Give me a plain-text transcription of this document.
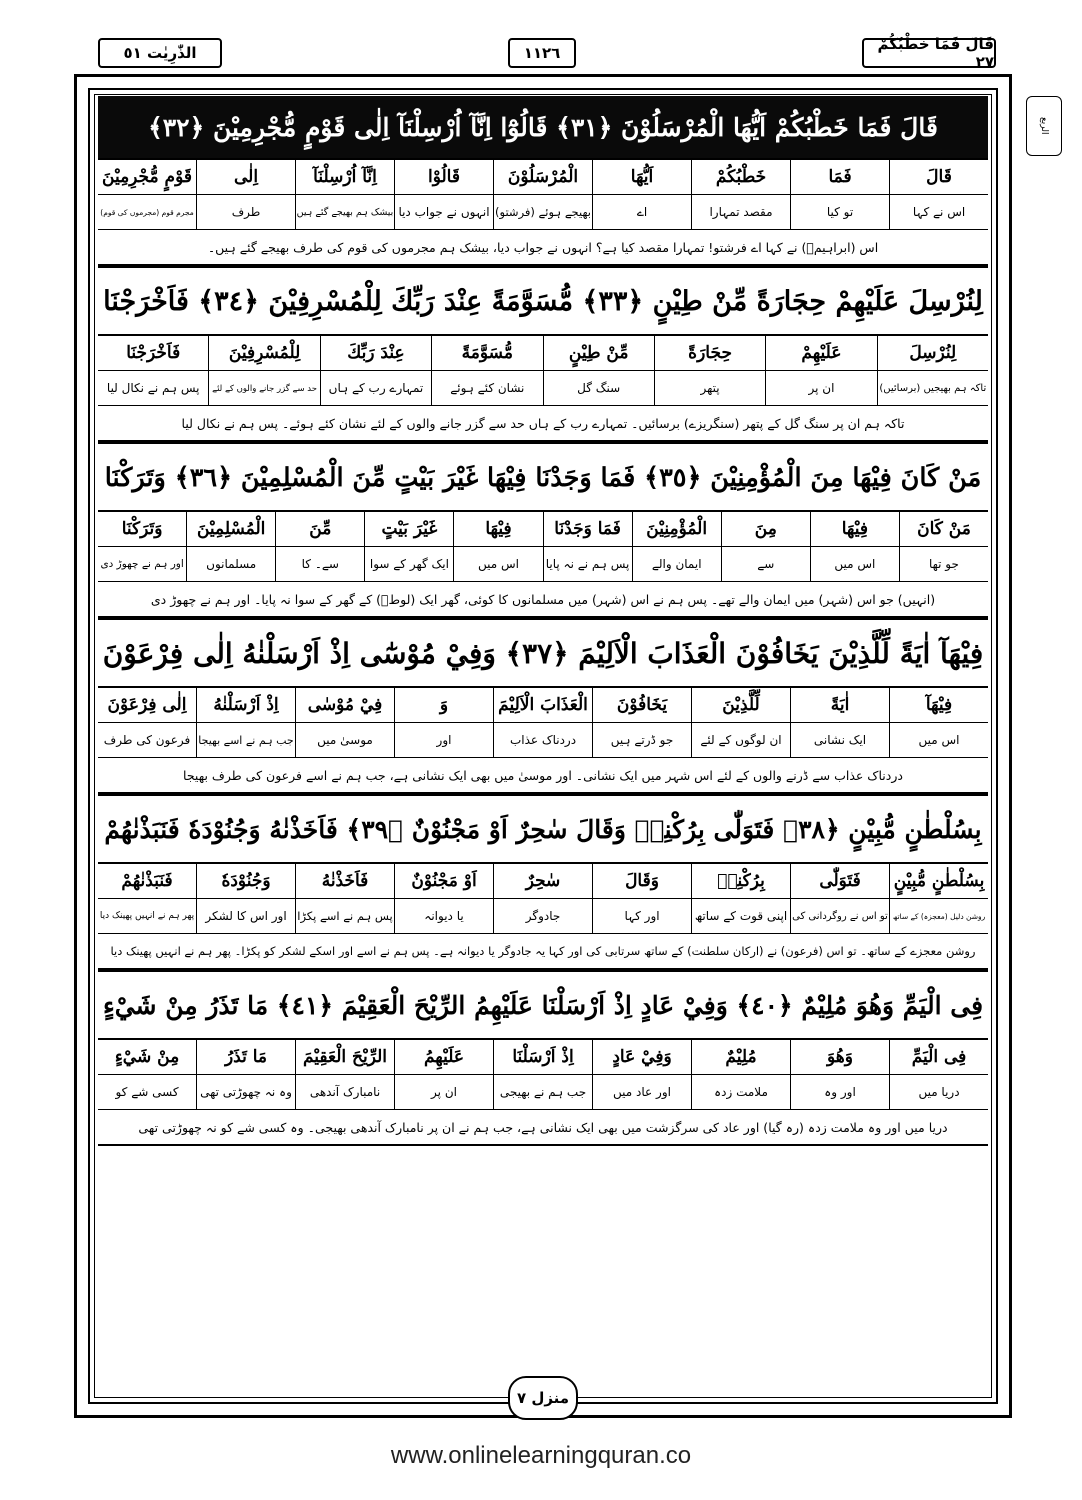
الذّٰرِيٰت ٥١	١١٢٦	قَالَ فَمَا خَطْبُكُمْ ٢٧
الربع
قَالَ فَمَا خَطْبُكُمْ اَيُّهَا الْمُرْسَلُوْنَ ﴿٣١﴾ قَالُوْٓا اِنَّآ اُرْسِلْنَآ اِلٰى قَوْمٍ مُّجْرِمِيْنَ ﴿٣٢﴾
قَالَ
فَمَا
خَطْبُكُمْ
اَيُّهَا
الْمُرْسَلُوْنَ
قَالُوْا
اِنَّآ اُرْسِلْنَآ
اِلٰى
قَوْمٍ مُّجْرِمِيْنَ
اس نے کہا
تو کیا
مقصد تمہارا
اے
بھیجے ہوئے (فرشتو)
انہوں نے جواب دیا
بیشک ہم بھیجے گئے ہیں
طرف
مجرم قوم (مجرموں کی قوم)
اس (ابراہیمؑ) نے کہا اے فرشتو! تمہارا مقصد کیا ہے؟ انہوں نے جواب دیا، بیشک ہم مجرموں کی قوم کی طرف بھیجے گئے ہیں۔
لِنُرْسِلَ عَلَيْهِمْ حِجَارَةً مِّنْ طِيْنٍ ﴿٣٣﴾ مُّسَوَّمَةً عِنْدَ رَبِّكَ لِلْمُسْرِفِيْنَ ﴿٣٤﴾ فَاَخْرَجْنَا
لِنُرْسِلَ
عَلَيْهِمْ
حِجَارَةً
مِّنْ طِيْنٍ
مُّسَوَّمَةً
عِنْدَ رَبِّكَ
لِلْمُسْرِفِيْنَ
فَاَخْرَجْنَا
تاکہ ہم بھیجیں (برسائیں)
ان پر
پتھر
سنگ گل
نشان کئے ہوئے
تمہارے رب کے ہاں
حد سے گزر جانے والوں کے لئے
پس ہم نے نکال لیا
تاکہ ہم ان پر سنگ گل کے پتھر (سنگریزے) برسائیں۔ تمہارے رب کے ہاں حد سے گزر جانے والوں کے لئے نشان کئے ہوئے۔ پس ہم نے نکال لیا
مَنْ كَانَ فِيْهَا مِنَ الْمُؤْمِنِيْنَ ﴿٣٥﴾ فَمَا وَجَدْنَا فِيْهَا غَيْرَ بَيْتٍ مِّنَ الْمُسْلِمِيْنَ ﴿٣٦﴾ وَتَرَكْنَا
مَنْ كَانَ
فِيْهَا
مِنَ
الْمُؤْمِنِيْنَ
فَمَا وَجَدْنَا
فِيْهَا
غَيْرَ بَيْتٍ
مِّنَ
الْمُسْلِمِيْنَ
وَتَرَكْنَا
جو تھا
اس میں
سے
ایمان والے
پس ہم نے نہ پایا
اس میں
ایک گھر کے سوا
سے۔ کا
مسلمانوں
اور ہم نے چھوڑ دی
(انہیں) جو اس (شہر) میں ایمان والے تھے۔ پس ہم نے اس (شہر) میں مسلمانوں کا کوئی، گھر ایک (لوطؑ) کے گھر کے سوا نہ پایا۔ اور ہم نے چھوڑ دی
فِيْهَآ اٰيَةً لِّلَّذِيْنَ يَخَافُوْنَ الْعَذَابَ الْاَلِيْمَ ﴿٣٧﴾ وَفِيْ مُوْسٰٓى اِذْ اَرْسَلْنٰهُ اِلٰى فِرْعَوْنَ
فِيْهَآ
اٰيَةً
لِّلَّذِيْنَ
يَخَافُوْنَ
الْعَذَابَ الْاَلِيْمَ
وَ
فِيْ مُوْسٰى
اِذْ اَرْسَلْنٰهُ
اِلٰى فِرْعَوْنَ
اس میں
ایک نشانی
ان لوگوں کے لئے
جو ڈرتے ہیں
دردناک عذاب
اور
موسیٰ میں
جب ہم نے اسے بھیجا
فرعون کی طرف
دردناک عذاب سے ڈرنے والوں کے لئے اس شہر میں ایک نشانی۔ اور موسیٰ میں بھی ایک نشانی ہے، جب ہم نے اسے فرعون کی طرف بھیجا
بِسُلْطٰنٍ مُّبِيْنٍ ﴿٣٨﴾ فَتَوَلّٰى بِرُكْنِهٖ وَقَالَ سٰحِرٌ اَوْ مَجْنُوْنٌ ﴿٣٩﴾ فَاَخَذْنٰهُ وَجُنُوْدَهٗ فَنَبَذْنٰهُمْ
بِسُلْطٰنٍ مُّبِيْنٍ
فَتَوَلّٰى
بِرُكْنِهٖ
وَقَالَ
سٰحِرٌ
اَوْ مَجْنُوْنٌ
فَاَخَذْنٰهُ
وَجُنُوْدَهٗ
فَنَبَذْنٰهُمْ
روشن دلیل (معجزہ) کے ساتھ
تو اس نے روگردانی کی
اپنی قوت کے ساتھ
اور کہا
جادوگر
یا دیوانہ
پس ہم نے اسے پکڑا
اور اس کا لشکر
پھر ہم نے انہیں پھینک دیا
روشن معجزے کے ساتھ۔ تو اس (فرعون) نے (ارکان سلطنت) کے ساتھ سرتابی کی اور کہا یہ جادوگر یا دیوانہ ہے۔ پس ہم نے اسے اور اسکے لشکر کو پکڑا۔ پھر ہم نے انہیں پھینک دیا
فِى الْيَمِّ وَهُوَ مُلِيْمٌ ﴿٤٠﴾ وَفِيْ عَادٍ اِذْ اَرْسَلْنَا عَلَيْهِمُ الرِّيْحَ الْعَقِيْمَ ﴿٤١﴾ مَا تَذَرُ مِنْ شَيْءٍ
فِى الْيَمِّ
وَهُوَ
مُلِيْمٌ
وَفِيْ عَادٍ
اِذْ اَرْسَلْنَا
عَلَيْهِمُ
الرِّيْحَ الْعَقِيْمَ
مَا تَذَرُ
مِنْ شَيْءٍ
دریا میں
اور وہ
ملامت زدہ
اور عاد میں
جب ہم نے بھیجی
ان پر
نامبارک آندھی
وہ نہ چھوڑتی تھی
کسی شے کو
دریا میں اور وہ ملامت زدہ (رہ گیا) اور عاد کی سرگزشت میں بھی ایک نشانی ہے، جب ہم نے ان پر نامبارک آندھی بھیجی۔ وہ کسی شے کو نہ چھوڑتی تھی
منزل ۷
www.onlinelearningquran.co
